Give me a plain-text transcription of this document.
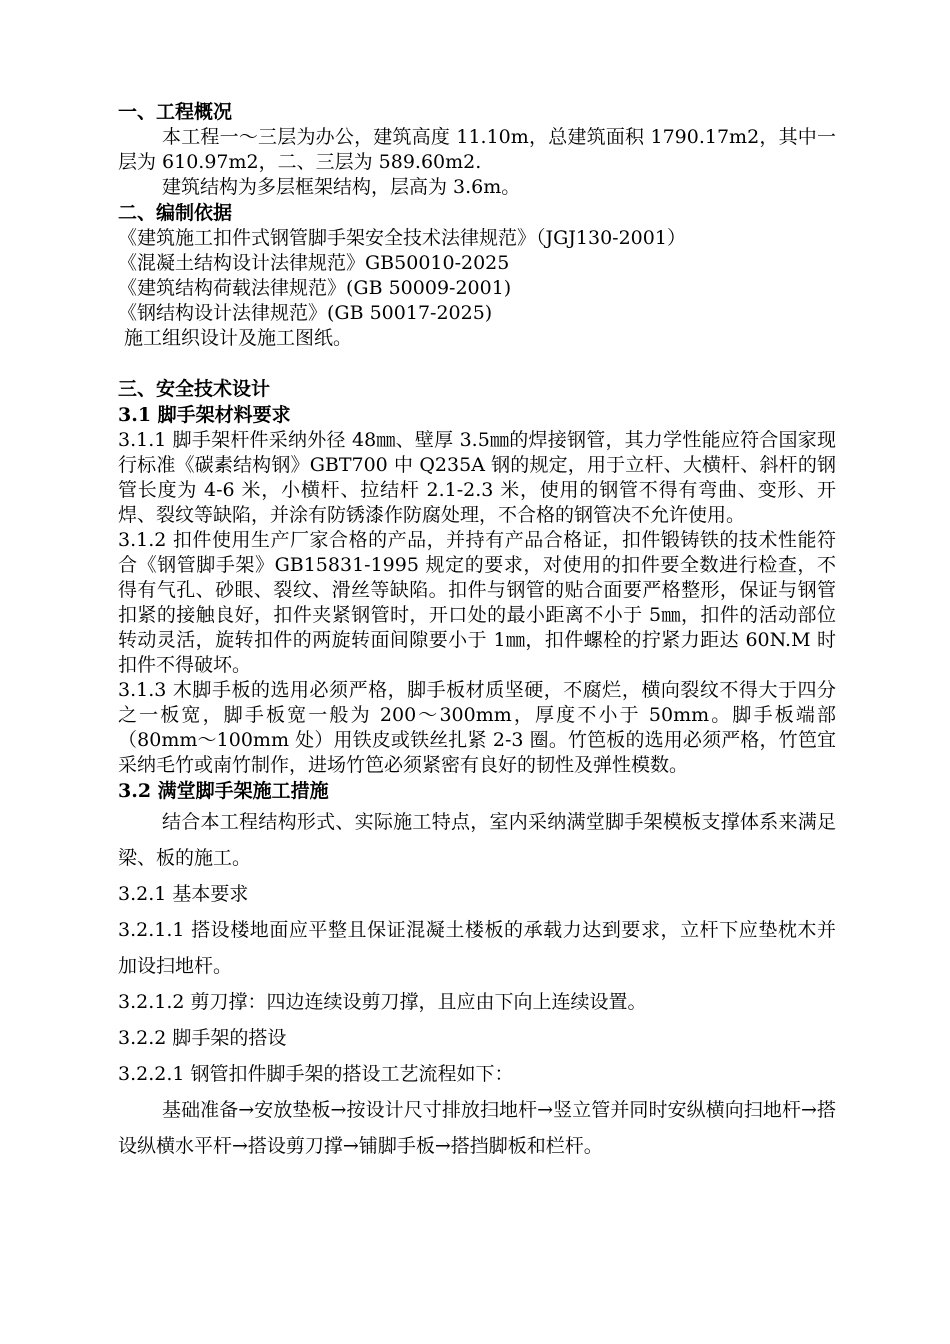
一、工程概况
本工程一～三层为办公，建筑高度 11.10m，总建筑面积 1790.17m2，其中一层为 610.97m2，二、三层为 589.60m2.
建筑结构为多层框架结构，层高为 3.6m。
二、编制依据
《建筑施工扣件式钢管脚手架安全技术法律规范》（JGJ130-2001）
《混凝土结构设计法律规范》GB50010-2025
《建筑结构荷载法律规范》(GB 50009-2001)
《钢结构设计法律规范》(GB 50017-2025)
施工组织设计及施工图纸。
三、安全技术设计
3.1 脚手架材料要求
3.1.1 脚手架杆件采纳外径 48㎜、壁厚 3.5㎜的焊接钢管，其力学性能应符合国家现行标准《碳素结构钢》GBT700 中 Q235A 钢的规定，用于立杆、大横杆、斜杆的钢管长度为 4-6 米，小横杆、拉结杆 2.1-2.3 米，使用的钢管不得有弯曲、变形、开焊、裂纹等缺陷，并涂有防锈漆作防腐处理，不合格的钢管决不允许使用。
3.1.2 扣件使用生产厂家合格的产品，并持有产品合格证，扣件锻铸铁的技术性能符合《钢管脚手架》GB15831-1995 规定的要求，对使用的扣件要全数进行检查，不得有气孔、砂眼、裂纹、滑丝等缺陷。扣件与钢管的贴合面要严格整形，保证与钢管扣紧的接触良好，扣件夹紧钢管时，开口处的最小距离不小于 5㎜，扣件的活动部位转动灵活，旋转扣件的两旋转面间隙要小于 1㎜，扣件螺栓的拧紧力距达 60N.M 时扣件不得破坏。
3.1.3 木脚手板的选用必须严格，脚手板材质坚硬，不腐烂，横向裂纹不得大于四分之一板宽，脚手板宽一般为 200～300mm，厚度不小于 50mm。脚手板端部（80mm～100mm 处）用铁皮或铁丝扎紧 2-3 圈。竹笆板的选用必须严格，竹笆宜采纳毛竹或南竹制作，进场竹笆必须紧密有良好的韧性及弹性模数。
3.2 满堂脚手架施工措施
结合本工程结构形式、实际施工特点，室内采纳满堂脚手架模板支撑体系来满足梁、板的施工。
3.2.1 基本要求
3.2.1.1 搭设楼地面应平整且保证混凝土楼板的承载力达到要求，立杆下应垫枕木并加设扫地杆。
3.2.1.2 剪刀撑：四边连续设剪刀撑，且应由下向上连续设置。
3.2.2 脚手架的搭设
3.2.2.1 钢管扣件脚手架的搭设工艺流程如下：
基础准备→安放垫板→按设计尺寸排放扫地杆→竖立管并同时安纵横向扫地杆→搭设纵横水平杆→搭设剪刀撑→铺脚手板→搭挡脚板和栏杆。
